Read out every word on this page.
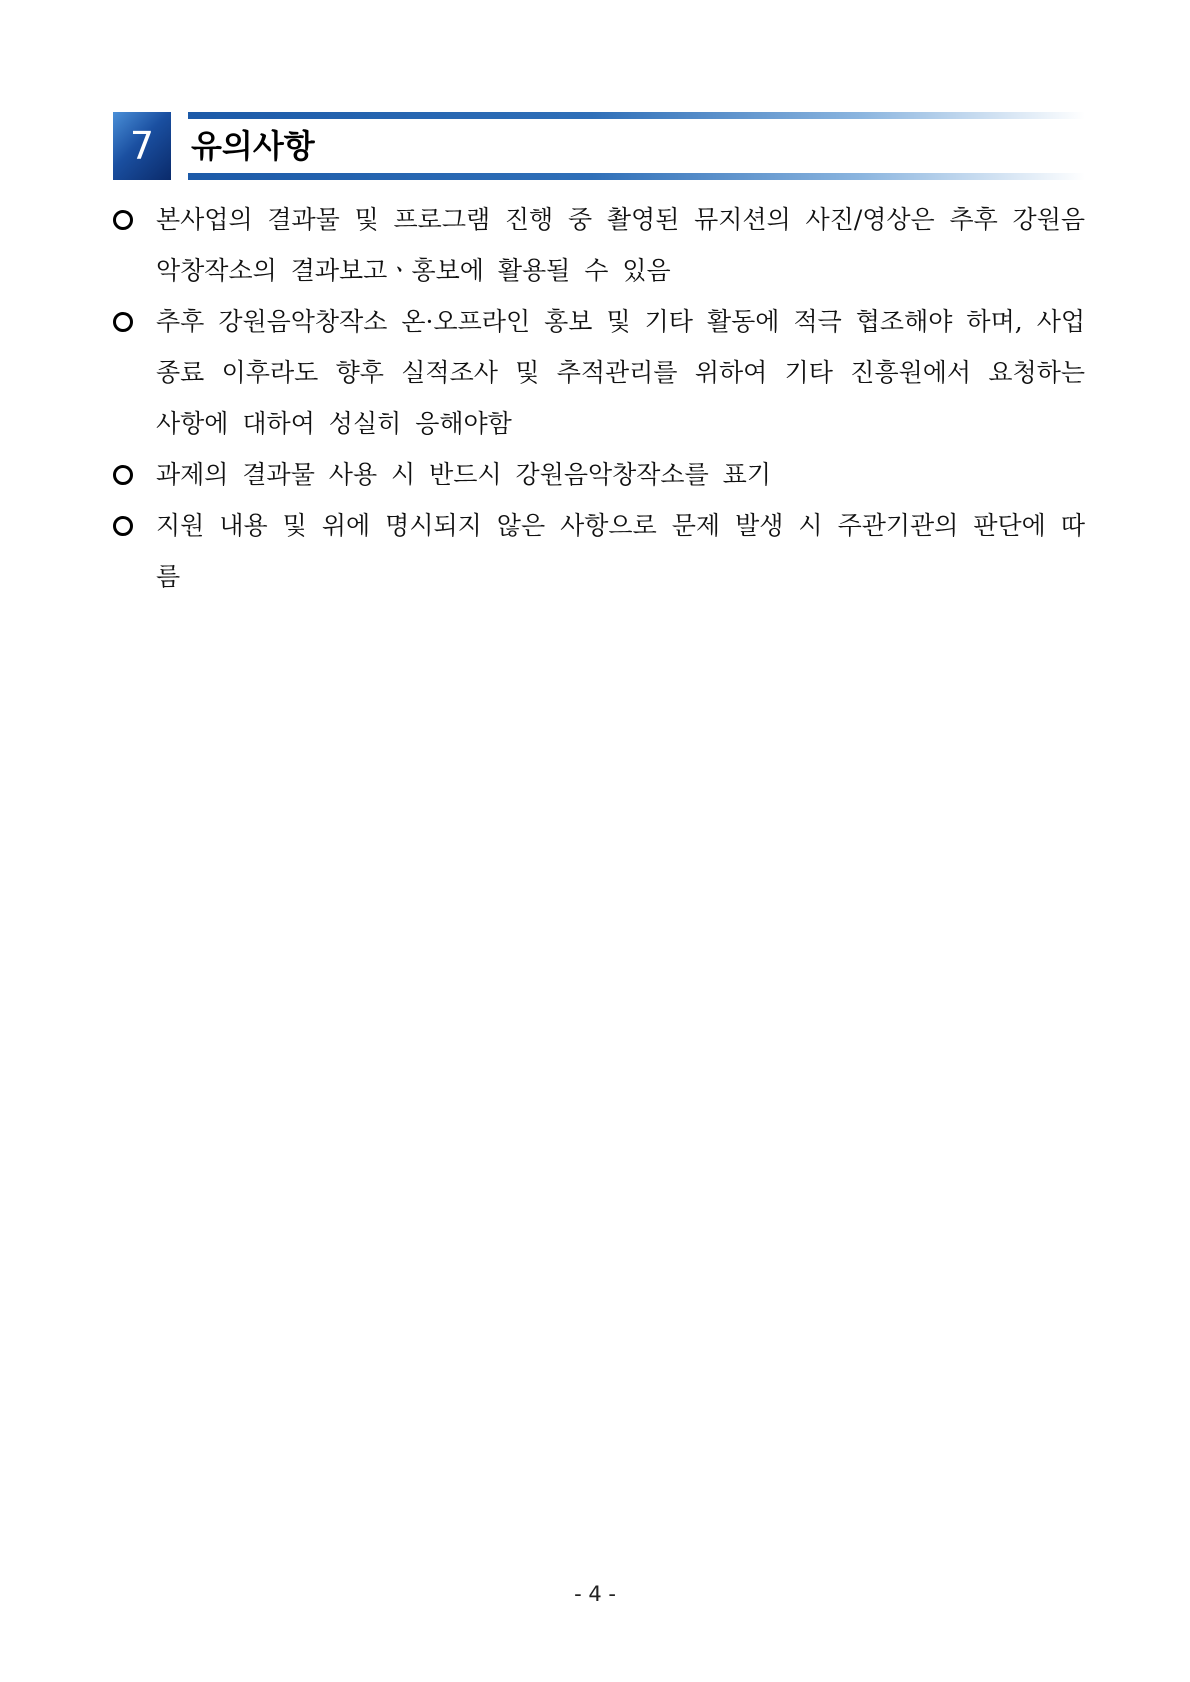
7	유의사항
본사업의 결과물 및 프로그램 진행 중 촬영된 뮤지션의 사진/영상은 추후 강원음악창작소의 결과보고ㆍ홍보에 활용될 수 있음
추후 강원음악창작소 온·오프라인 홍보 및 기타 활동에 적극 협조해야 하며, 사업 종료 이후라도 향후 실적조사 및 추적관리를 위하여 기타 진흥원에서 요청하는 사항에 대하여 성실히 응해야함
과제의 결과물 사용 시 반드시 강원음악창작소를 표기
지원 내용 및 위에 명시되지 않은 사항으로 문제 발생 시 주관기관의 판단에 따름
- 4 -
